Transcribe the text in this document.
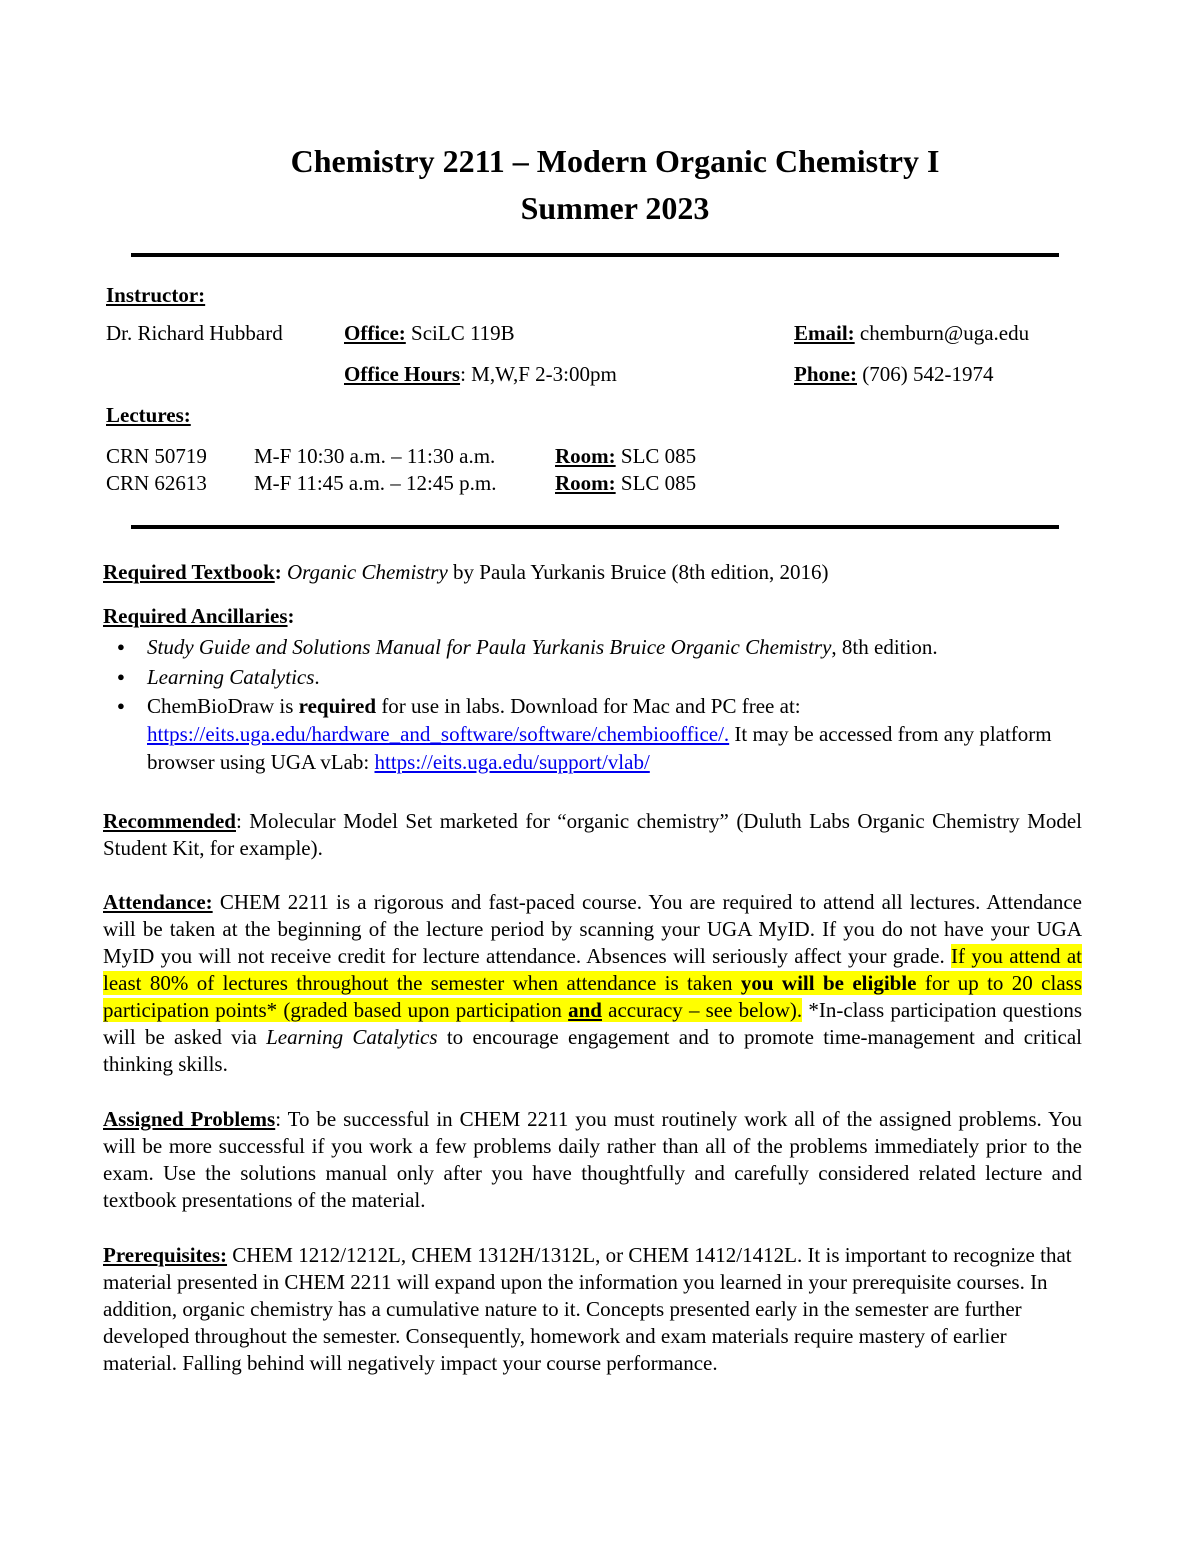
Chemistry 2211 – Modern Organic Chemistry I
Summer 2023
Instructor:
Dr. Richard Hubbard	Office: SciLC 119B	Email: chemburn@uga.edu
Office Hours: M,W,F 2-3:00pm	Phone: (706) 542-1974
Lectures:
CRN 50719 M-F 10:30 a.m. – 11:30 a.m.	Room: SLC 085
CRN 62613 M-F 11:45 a.m. – 12:45 p.m.	Room: SLC 085
Required Textbook: Organic Chemistry by Paula Yurkanis Bruice (8th edition, 2016)
Required Ancillaries:
● Study Guide and Solutions Manual for Paula Yurkanis Bruice Organic Chemistry, 8th edition.
● Learning Catalytics.
● ChemBioDraw is required for use in labs. Download for Mac and PC free at:
https://eits.uga.edu/hardware_and_software/software/chembiooffice/. It may be accessed from any platform browser using UGA vLab: https://eits.uga.edu/support/vlab/
Recommended: Molecular Model Set marketed for “organic chemistry” (Duluth Labs Organic Chemistry Model Student Kit, for example).
Attendance: CHEM 2211 is a rigorous and fast-paced course. You are required to attend all lectures. Attendance will be taken at the beginning of the lecture period by scanning your UGA MyID. If you do not have your UGA MyID you will not receive credit for lecture attendance. Absences will seriously affect your grade. If you attend at least 80% of lectures throughout the semester when attendance is taken you will be eligible for up to 20 class participation points* (graded based upon participation and accuracy – see below). *In-class participation questions will be asked via Learning Catalytics to encourage engagement and to promote time-management and critical thinking skills.
Assigned Problems: To be successful in CHEM 2211 you must routinely work all of the assigned problems. You will be more successful if you work a few problems daily rather than all of the problems immediately prior to the exam. Use the solutions manual only after you have thoughtfully and carefully considered related lecture and textbook presentations of the material.
Prerequisites: CHEM 1212/1212L, CHEM 1312H/1312L, or CHEM 1412/1412L. It is important to recognize that material presented in CHEM 2211 will expand upon the information you learned in your prerequisite courses. In addition, organic chemistry has a cumulative nature to it. Concepts presented early in the semester are further developed throughout the semester. Consequently, homework and exam materials require mastery of earlier material. Falling behind will negatively impact your course performance.
